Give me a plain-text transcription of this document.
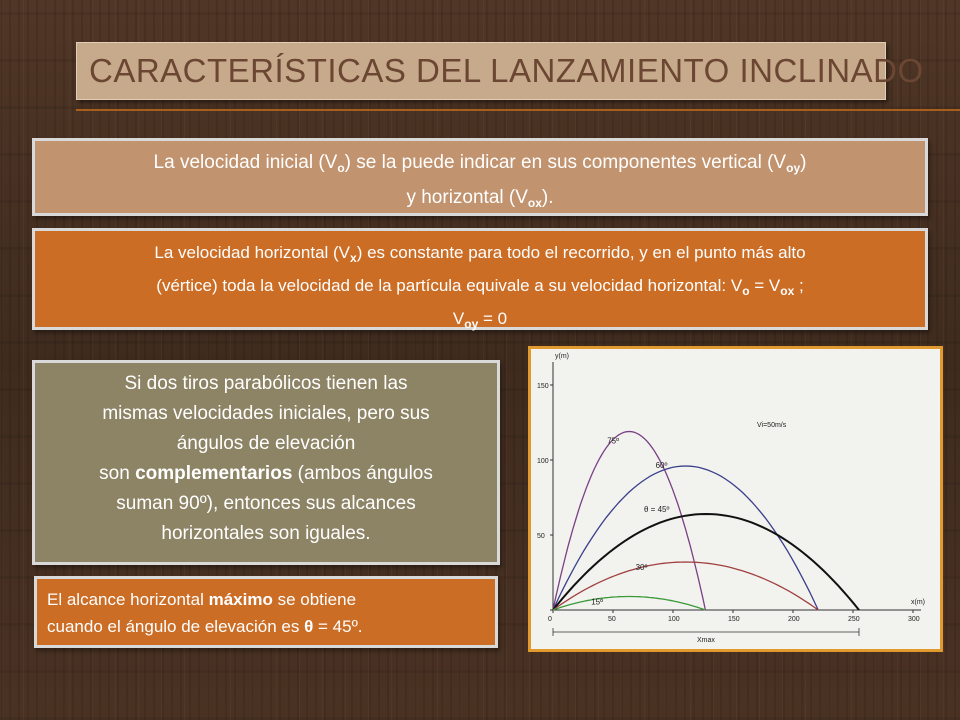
CARACTERÍSTICAS DEL LANZAMIENTO INCLINADO
La velocidad inicial $(V_o)$ se la puede indicar en sus componentes vertical $(V_{oy})$
y horizontal $(V_{ox})$.
La velocidad horizontal $(V_x)$ es constante para todo el recorrido, y en el punto más alto
(vértice) toda la velocidad de la partícula equivale a su velocidad horizontal: $V_o = V_{ox}$ ;
$V_{oy} = 0$
Si dos tiros parabólicos tienen las
mismas velocidades iniciales, pero sus
ángulos de elevación
son complementarios (ambos ángulos
suman 90º), entonces sus alcances
horizontales son iguales.
El alcance horizontal máximo se obtiene
cuando el ángulo de elevación es θ = 45º.
x(m)
y(m)
0	50	100	150	200	250	300
50
100
150
75º
60º
θ = 45º
30º
15º
Vi=50m/s
Xmax
